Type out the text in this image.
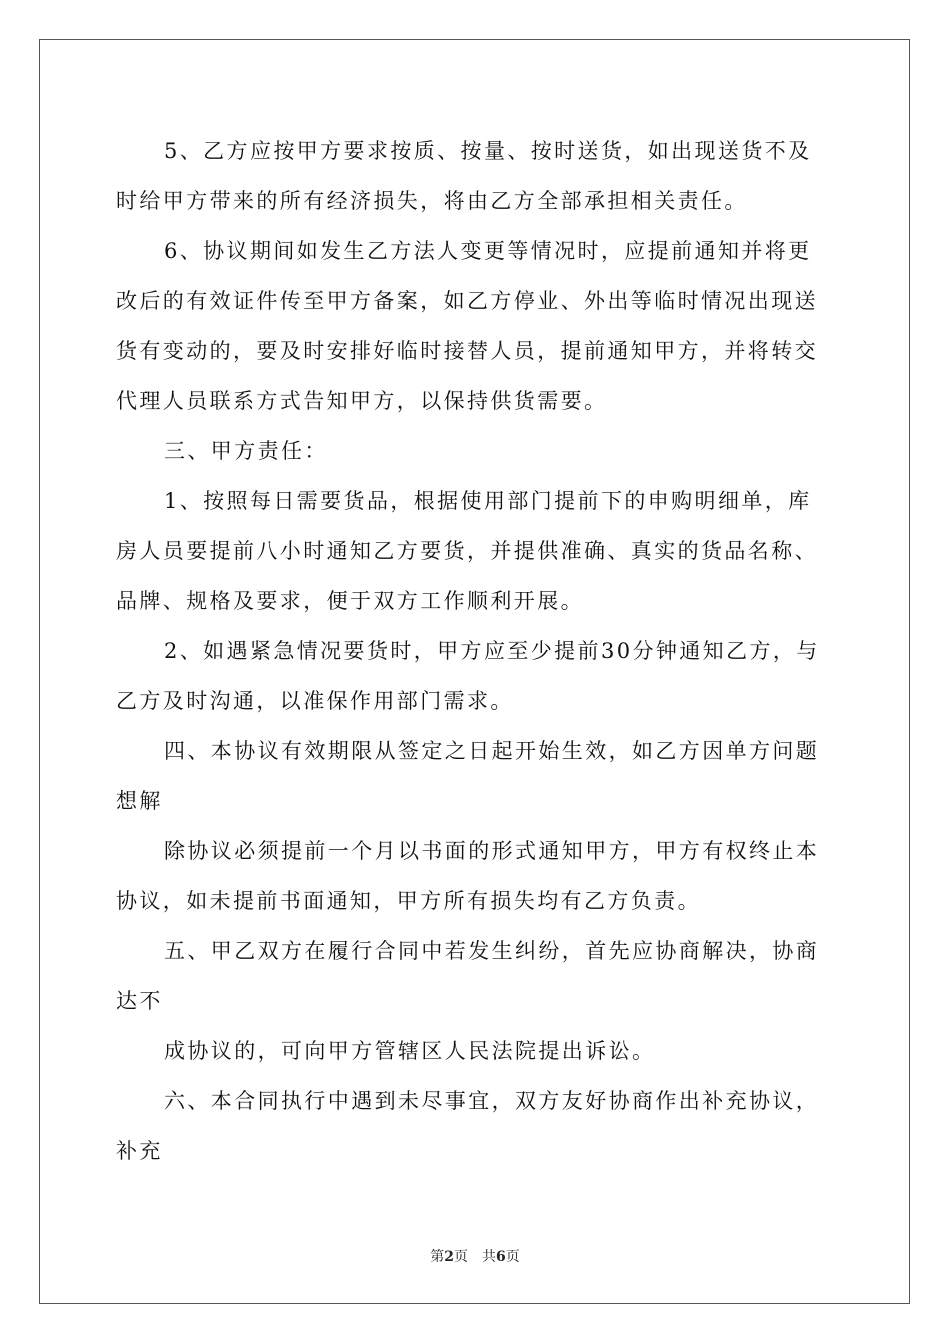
5、乙方应按甲方要求按质、按量、按时送货，如出现送货不及

时给甲方带来的所有经济损失，将由乙方全部承担相关责任。

6、协议期间如发生乙方法人变更等情况时，应提前通知并将更

改后的有效证件传至甲方备案，如乙方停业、外出等临时情况出现送

货有变动的，要及时安排好临时接替人员，提前通知甲方，并将转交

代理人员联系方式告知甲方，以保持供货需要。

三、甲方责任：

1、按照每日需要货品，根据使用部门提前下的申购明细单，库

房人员要提前八小时通知乙方要货，并提供准确、真实的货品名称、

品牌、规格及要求，便于双方工作顺利开展。

2、如遇紧急情况要货时，甲方应至少提前30分钟通知乙方，与

乙方及时沟通，以准保作用部门需求。

四、本协议有效期限从签定之日起开始生效，如乙方因单方问题

想解

除协议必须提前一个月以书面的形式通知甲方，甲方有权终止本

协议，如未提前书面通知，甲方所有损失均有乙方负责。

五、甲乙双方在履行合同中若发生纠纷，首先应协商解决，协商

达不

成协议的，可向甲方管辖区人民法院提出诉讼。

六、本合同执行中遇到未尽事宜，双方友好协商作出补充协议，

补充

第2页 共6页
